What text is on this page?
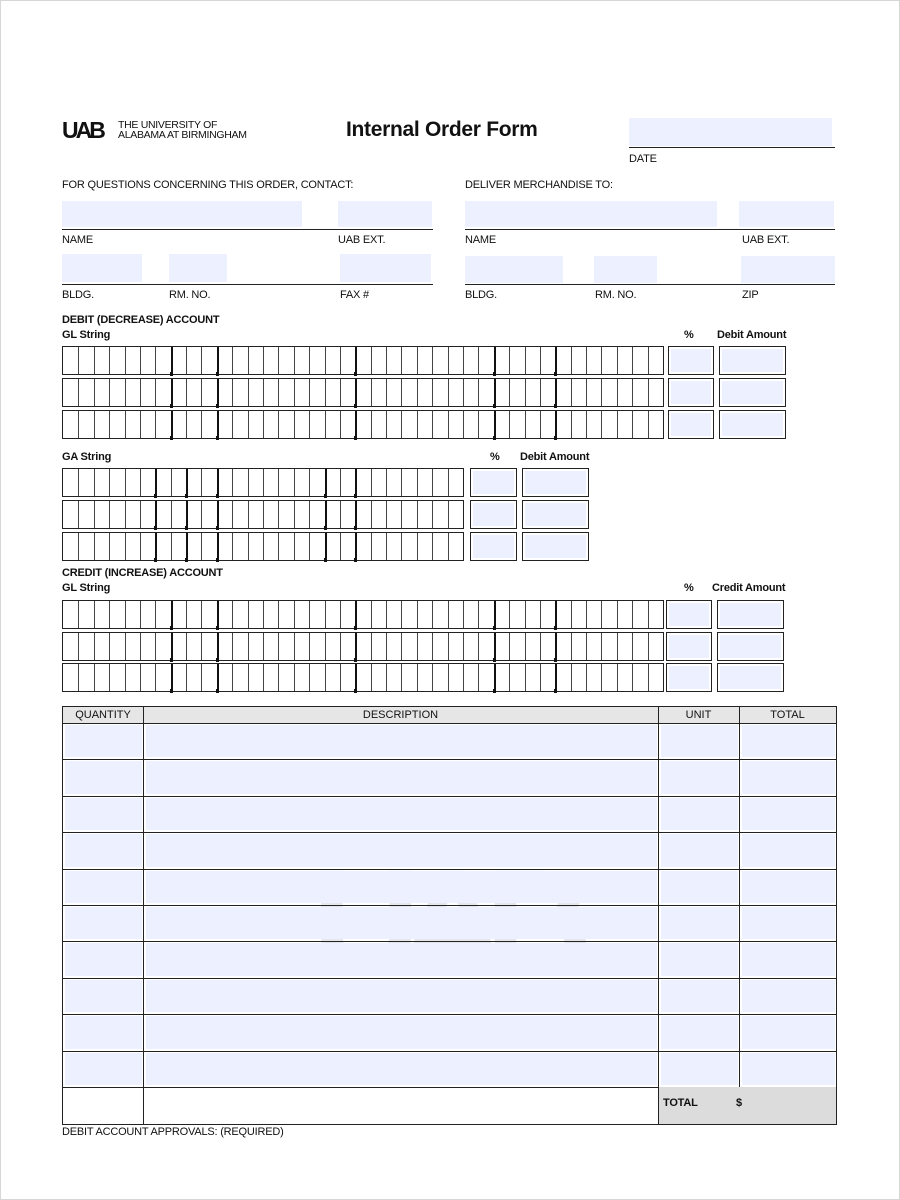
UAB THE UNIVERSITY OF
ALABAMA AT BIRMINGHAM	Internal Order Form
DATE
FOR QUESTIONS CONCERNING THIS ORDER, CONTACT:
NAME	UAB EXT.
BLDG.	RM. NO.	FAX #
DELIVER MERCHANDISE TO:
NAME	UAB EXT.
BLDG.	RM. NO.	ZIP
DEBIT (DECREASE) ACCOUNT
GL String	% Debit Amount
GA String	% Debit Amount
CREDIT (INCREASE) ACCOUNT
GL String	% Credit Amount
QUANTITY	DESCRIPTION	UNIT	TOTAL
TOTAL	$
DEBIT ACCOUNT APPROVALS: (REQUIRED)
